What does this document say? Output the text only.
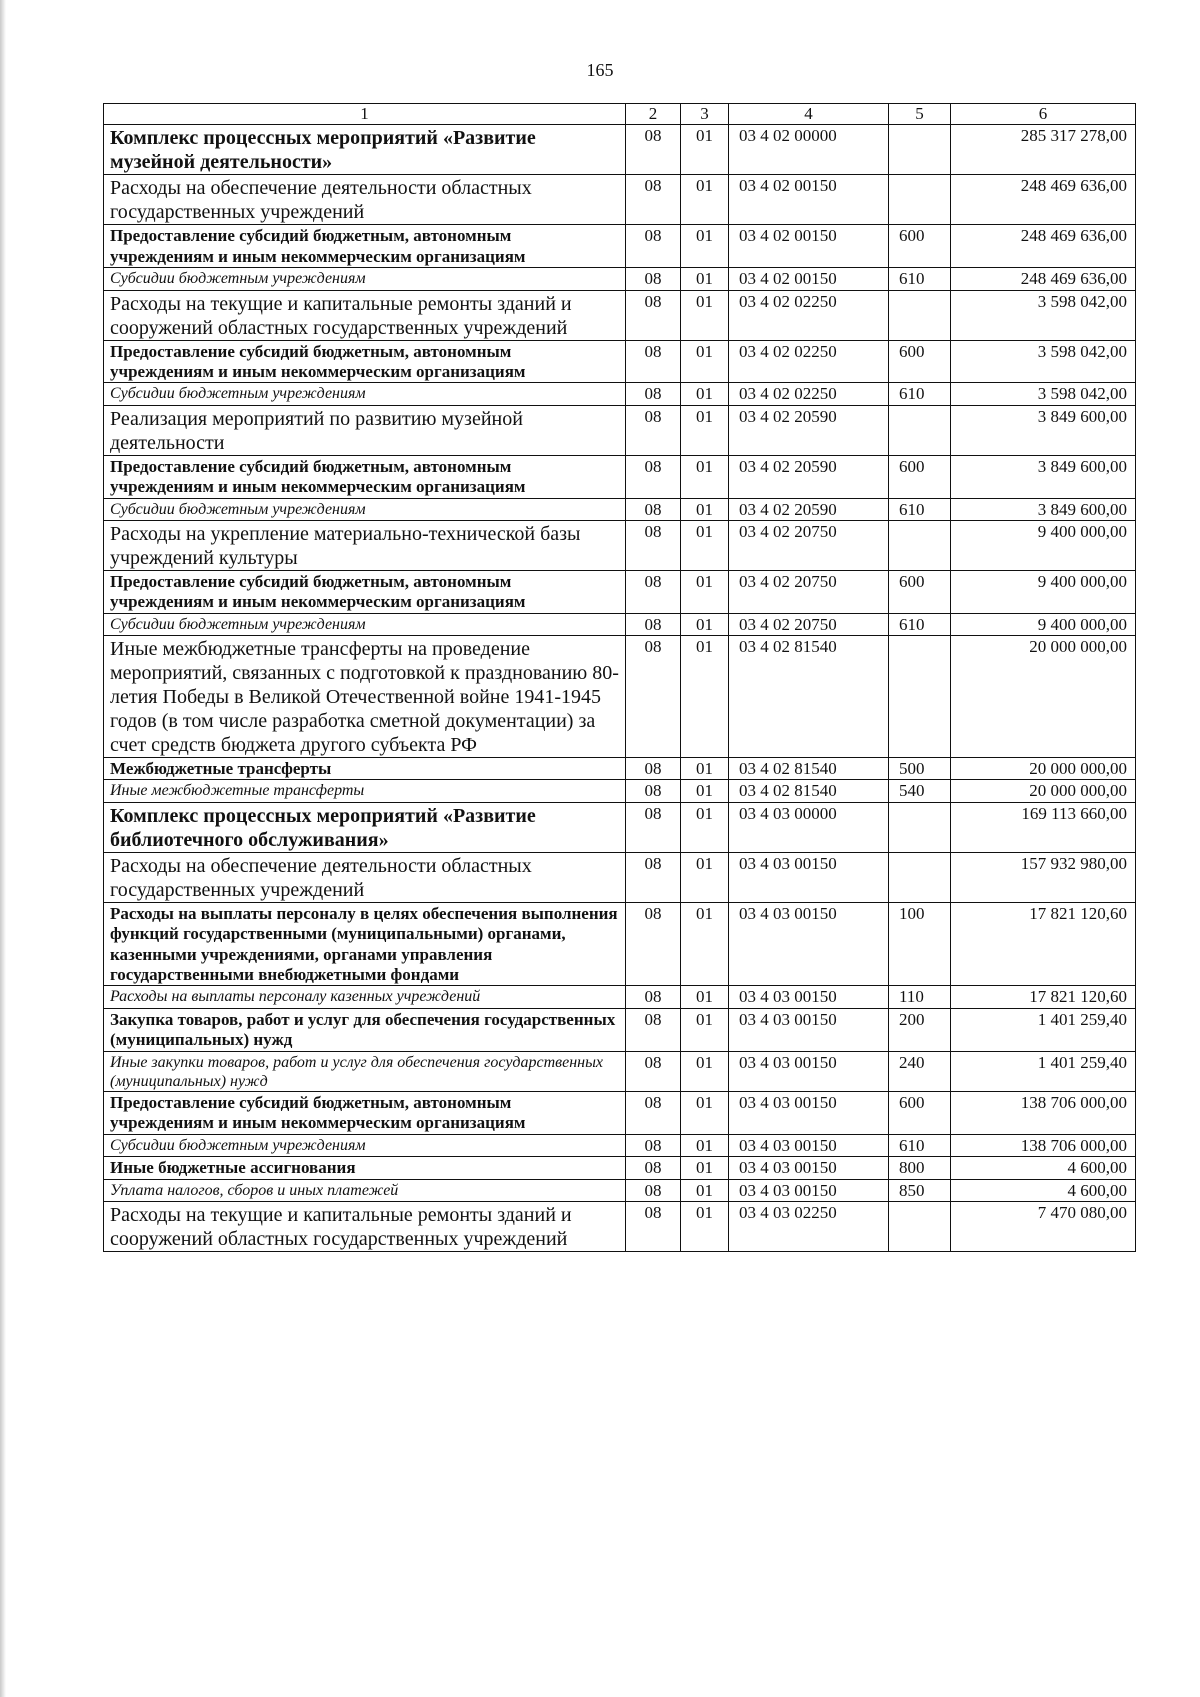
165
1	2	3	4	5	6
Комплекс процессных мероприятий «Развитие музейной деятельности»	08	01	03 4 02 00000		285 317 278,00
Расходы на обеспечение деятельности областных государственных учреждений	08	01	03 4 02 00150		248 469 636,00
Предоставление субсидий бюджетным, автономным учреждениям и иным некоммерческим организациям	08	01	03 4 02 00150	600	248 469 636,00
Субсидии бюджетным учреждениям	08	01	03 4 02 00150	610	248 469 636,00
Расходы на текущие и капитальные ремонты зданий и сооружений областных государственных учреждений	08	01	03 4 02 02250		3 598 042,00
Предоставление субсидий бюджетным, автономным учреждениям и иным некоммерческим организациям	08	01	03 4 02 02250	600	3 598 042,00
Субсидии бюджетным учреждениям	08	01	03 4 02 02250	610	3 598 042,00
Реализация мероприятий по развитию музейной деятельности	08	01	03 4 02 20590		3 849 600,00
Предоставление субсидий бюджетным, автономным учреждениям и иным некоммерческим организациям	08	01	03 4 02 20590	600	3 849 600,00
Субсидии бюджетным учреждениям	08	01	03 4 02 20590	610	3 849 600,00
Расходы на укрепление материально-технической базы учреждений культуры	08	01	03 4 02 20750		9 400 000,00
Предоставление субсидий бюджетным, автономным учреждениям и иным некоммерческим организациям	08	01	03 4 02 20750	600	9 400 000,00
Субсидии бюджетным учреждениям	08	01	03 4 02 20750	610	9 400 000,00
Иные межбюджетные трансферты на проведение мероприятий, связанных с подготовкой к празднованию 80-летия Победы в Великой Отечественной войне 1941-1945 годов (в том числе разработка сметной документации) за счет средств бюджета другого субъекта РФ	08	01	03 4 02 81540		20 000 000,00
Межбюджетные трансферты	08	01	03 4 02 81540	500	20 000 000,00
Иные межбюджетные трансферты	08	01	03 4 02 81540	540	20 000 000,00
Комплекс процессных мероприятий «Развитие библиотечного обслуживания»	08	01	03 4 03 00000		169 113 660,00
Расходы на обеспечение деятельности областных государственных учреждений	08	01	03 4 03 00150		157 932 980,00
Расходы на выплаты персоналу в целях обеспечения выполнения функций государственными (муниципальными) органами, казенными учреждениями, органами управления государственными внебюджетными фондами	08	01	03 4 03 00150	100	17 821 120,60
Расходы на выплаты персоналу казенных учреждений	08	01	03 4 03 00150	110	17 821 120,60
Закупка товаров, работ и услуг для обеспечения государственных (муниципальных) нужд	08	01	03 4 03 00150	200	1 401 259,40
Иные закупки товаров, работ и услуг для обеспечения государственных (муниципальных) нужд	08	01	03 4 03 00150	240	1 401 259,40
Предоставление субсидий бюджетным, автономным учреждениям и иным некоммерческим организациям	08	01	03 4 03 00150	600	138 706 000,00
Субсидии бюджетным учреждениям	08	01	03 4 03 00150	610	138 706 000,00
Иные бюджетные ассигнования	08	01	03 4 03 00150	800	4 600,00
Уплата налогов, сборов и иных платежей	08	01	03 4 03 00150	850	4 600,00
Расходы на текущие и капитальные ремонты зданий и сооружений областных государственных учреждений	08	01	03 4 03 02250		7 470 080,00
